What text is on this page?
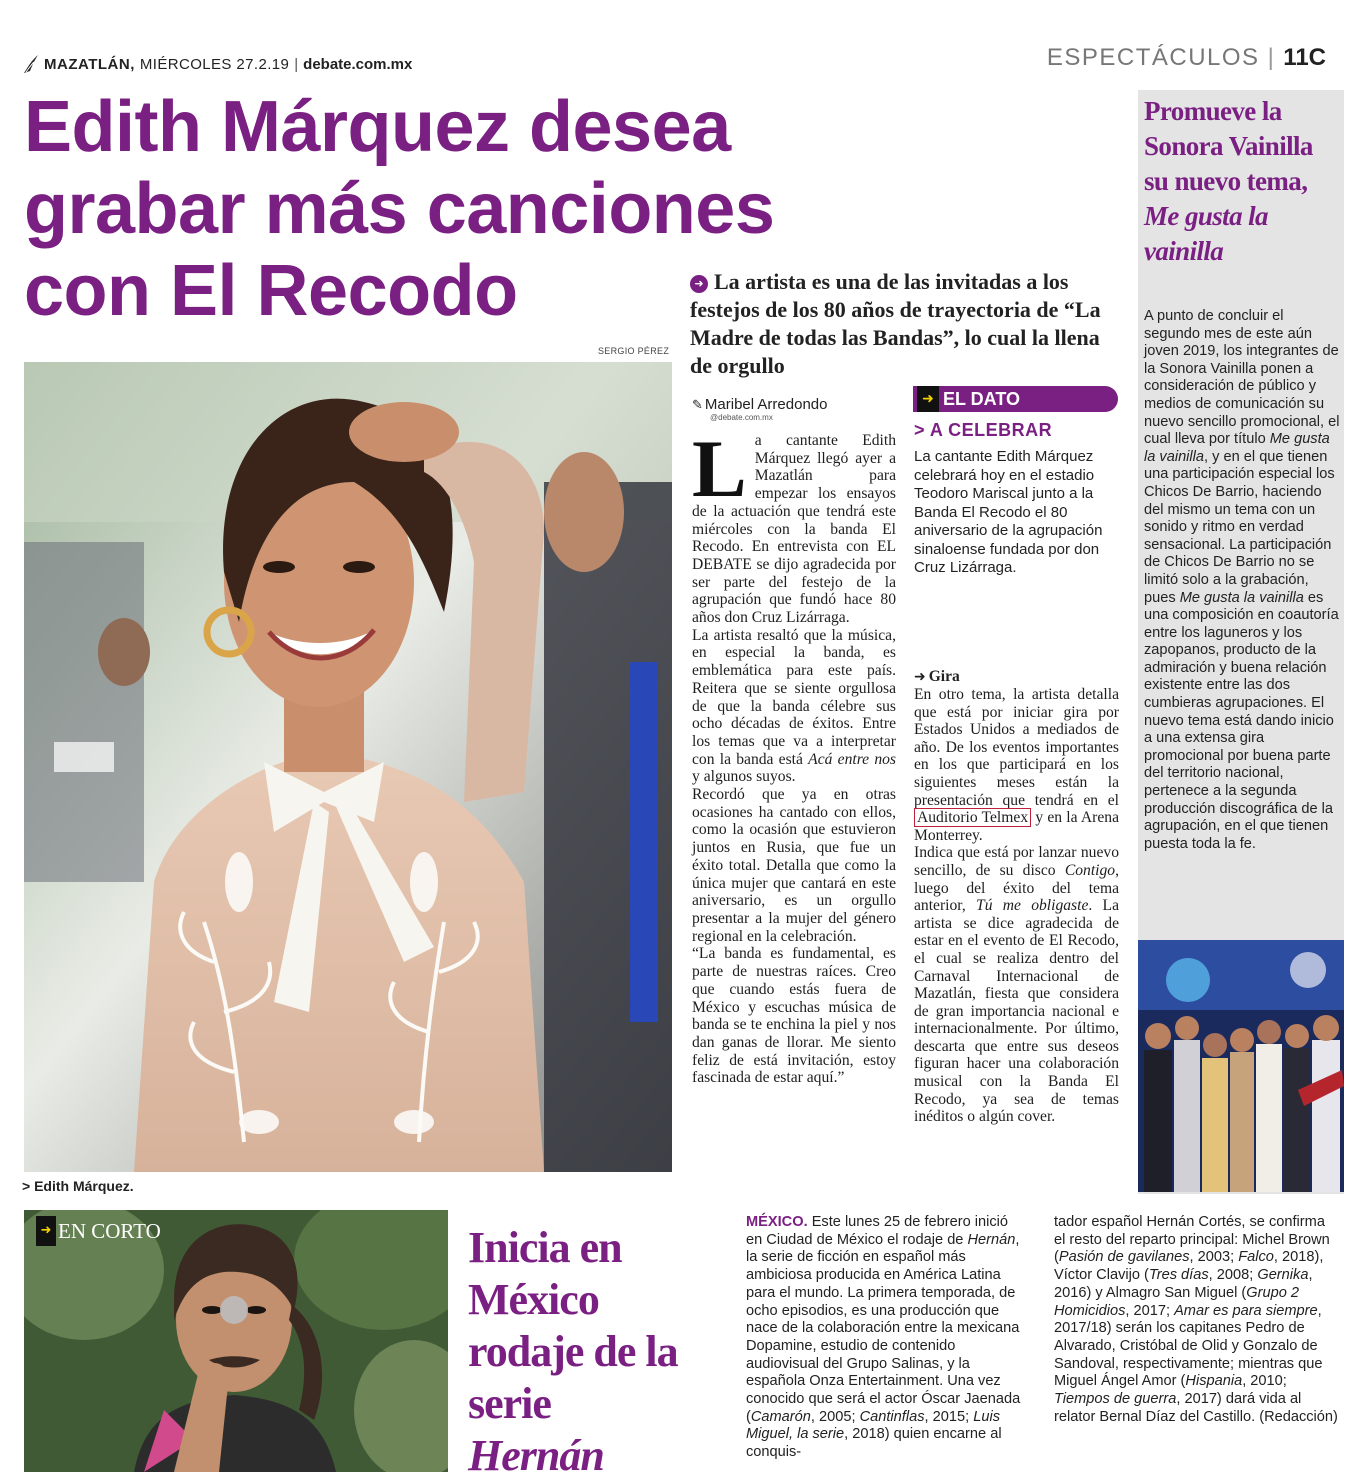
MAZATLÁN, MIÉRCOLES 27.2.19 | debate.com.mx	ESPECTÁCULOS | 11C
Edith Márquez desea
grabar más canciones
con El Recodo	➜ La artista es una de las invitadas a los festejos de los 80 años de trayectoria de “La Madre de todas las Bandas”, lo cual la llena de orgullo
SERGIO PÉREZ
> Edith Márquez.
✎ Maribel Arredondo
@debate.com.mx
L a cantante Edith Márquez llegó ayer a Mazatlán para empezar los ensayos de la actuación que tendrá este miércoles con la banda El Recodo. En entrevista con EL DEBATE se dijo agradecida por ser parte del festejo de la agrupación que fundó hace 80 años don Cruz Lizárraga.

La artista resaltó que la música, en especial la banda, es emblemática para este país. Reitera que se siente orgullosa de que la banda célebre sus ocho décadas de éxitos. Entre los temas que va a interpretar con la banda está Acá entre nos y algunos suyos.

Recordó que ya en otras ocasiones ha cantado con ellos, como la ocasión que estuvieron juntos en Rusia, que fue un éxito total. Detalla que como la única mujer que cantará en este aniversario, es un orgullo presentar a la mujer del género regional en la celebración.

“La banda es fundamental, es parte de nuestras raíces. Creo que cuando estás fuera de México y escuchas música de banda se te enchina la piel y nos dan ganas de llorar. Me siento feliz de está invitación, estoy fascinada de estar aquí.”

➜ EL DATO
> A CELEBRAR
La cantante Edith Márquez celebrará hoy en el estadio Teodoro Mariscal junto a la Banda El Recodo el 80 aniversario de la agrupación sinaloense fundada por don Cruz Lizárraga.
➜ Gira

En otro tema, la artista detalla que está por iniciar gira por Estados Unidos a mediados de año. De los eventos importantes en los que participará en los siguientes meses están la presentación que tendrá en el Auditorio Telmex y en la Arena Monterrey.

Indica que está por lanzar nuevo sencillo, de su disco Contigo, luego del éxito del tema anterior, Tú me obligaste. La artista se dice agradecida de estar en el evento de El Recodo, el cual se realiza dentro del Carnaval Internacional de Mazatlán, fiesta que considera de gran importancia nacional e internacionalmente. Por último, descarta que entre sus deseos figuran hacer una colaboración musical con la Banda El Recodo, ya sea de temas inéditos o algún cover.

Promueve la Sonora Vainilla su nuevo tema,
Me gusta la vainilla
A punto de concluir el segundo mes de este aún joven 2019, los integrantes de la Sonora Vainilla ponen a consideración de público y medios de comunicación su nuevo sencillo promocional, el cual lleva por título Me gusta la vainilla, y en el que tienen una participación especial los Chicos De Barrio, haciendo del mismo un tema con un sonido y ritmo en verdad sensacional. La participación de Chicos De Barrio no se limitó solo a la grabación, pues Me gusta la vainilla es una composición en coautoría entre los laguneros y los zapopanos, producto de la admiración y buena relación existente entre las dos cumbieras agrupaciones. El nuevo tema está dando inicio a una extensa gira promocional por buena parte del territorio nacional, pertenece a la segunda producción discográfica de la agrupación, en el que tienen puesta toda la fe.
➜ EN CORTO	Inicia en
México
rodaje de la
serie
Hernán
MÉXICO. Este lunes 25 de febrero inició en Ciudad de México el rodaje de Hernán, la serie de ficción en español más ambiciosa producida en América Latina para el mundo. La primera temporada, de ocho episodios, es una producción que nace de la colaboración entre la mexicana Dopamine, estudio de contenido audiovisual del Grupo Salinas, y la española Onza Entertainment. Una vez conocido que será el actor Óscar Jaenada (Camarón, 2005; Cantinflas, 2015; Luis Miguel, la serie, 2018) quien encarne al conquis-
tador español Hernán Cortés, se confirma el resto del reparto principal: Michel Brown (Pasión de gavilanes, 2003; Falco, 2018), Víctor Clavijo (Tres días, 2008; Gernika, 2016) y Almagro San Miguel (Grupo 2 Homicidios, 2017; Amar es para siempre, 2017/18) serán los capitanes Pedro de Alvarado, Cristóbal de Olid y Gonzalo de Sandoval, respectivamente; mientras que Miguel Ángel Amor (Hispania, 2010; Tiempos de guerra, 2017) dará vida al relator Bernal Díaz del Castillo. (Redacción)
